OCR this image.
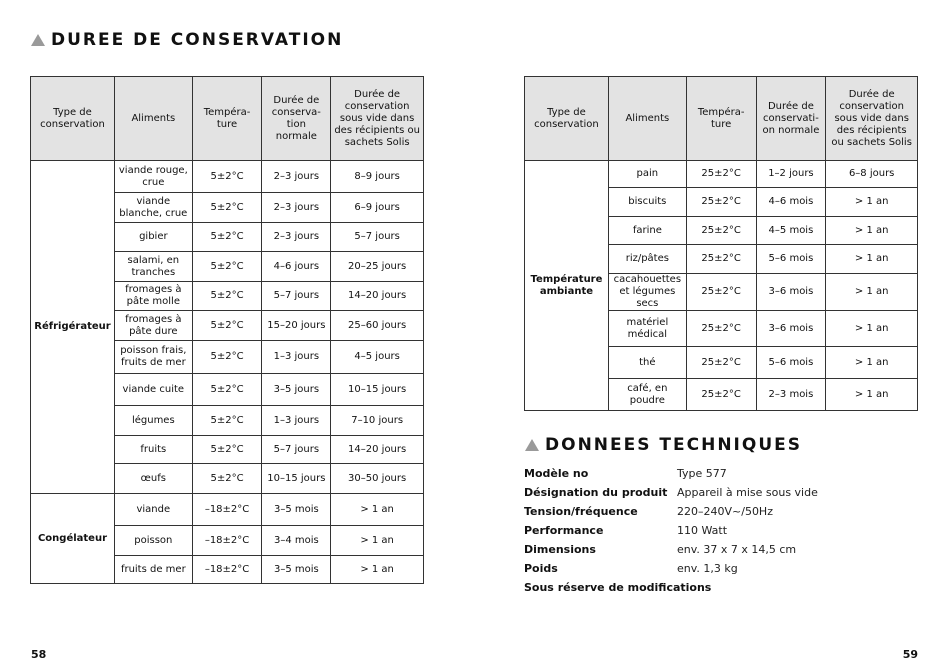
DUREE DE CONSERVATION
Type de conservation	Aliments	Température	Durée de conservation normale	Durée de conservation sous vide dans des récipients ou sachets Solis
Réfrigérateur	viande rouge, crue	5±2°C	2–3 jours	8–9 jours
	viande blanche, crue	5±2°C	2–3 jours	6–9 jours
	gibier	5±2°C	2–3 jours	5–7 jours
	salami, en tranches	5±2°C	4–6 jours	20–25 jours
	fromages à pâte molle	5±2°C	5–7 jours	14–20 jours
	fromages à pâte dure	5±2°C	15–20 jours	25–60 jours
	poisson frais, fruits de mer	5±2°C	1–3 jours	4–5 jours
	viande cuite	5±2°C	3–5 jours	10–15 jours
	légumes	5±2°C	1–3 jours	7–10 jours
	fruits	5±2°C	5–7 jours	14–20 jours
	œufs	5±2°C	10–15 jours	30–50 jours
Congélateur	viande	–18±2°C	3–5 mois	> 1 an
	poisson	–18±2°C	3–4 mois	> 1 an
	fruits de mer	–18±2°C	3–5 mois	> 1 an
58
Type de conservation	Aliments	Température	Durée de conservation normale	Durée de conservation sous vide dans des récipients ou sachets Solis
Température ambiante	pain	25±2°C	1–2 jours	6–8 jours
	biscuits	25±2°C	4–6 mois	> 1 an
	farine	25±2°C	4–5 mois	> 1 an
	riz/pâtes	25±2°C	5–6 mois	> 1 an
	cacahouettes et légumes secs	25±2°C	3–6 mois	> 1 an
	matériel médical	25±2°C	3–6 mois	> 1 an
	thé	25±2°C	5–6 mois	> 1 an
	café, en poudre	25±2°C	2–3 mois	> 1 an
DONNEES TECHNIQUES
Modèle no	Type 577
Désignation du produit Appareil à mise sous vide
Tension/fréquence	220–240V~/50Hz
Performance	110 Watt
Dimensions	env. 37 x 7 x 14,5 cm
Poids	env. 1,3 kg
Sous réserve de modifications
59
